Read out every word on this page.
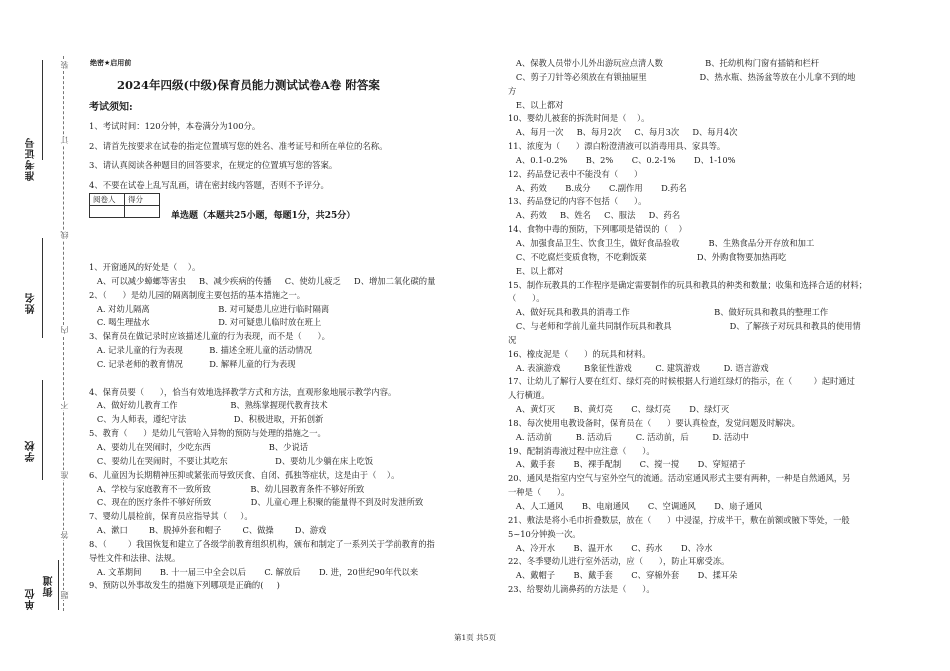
准考证号
姓名
学校
单位
街道
装
订
线
内
不
准
答
题
绝密★启用前
2024年四级(中级)保育员能力测试试卷A卷 附答案
考试须知:
1、考试时间：120分钟，本卷满分为100分。
2、请首先按要求在试卷的指定位置填写您的姓名、准考证号和所在单位的名称。
3、请认真阅读各种题目的回答要求，在规定的位置填写您的答案。
4、不要在试卷上乱写乱画，请在密封线内答题，否则不予评分。
阅卷人	得分

单选题（本题共25小题，每题1分，共25分）
1、开窗通风的好处是（    ）。
A、可以减少蟑螂等害虫     B、减少疾病的传播     C、使幼儿疲乏     D、增加二氧化碳的量
2、（      ）是幼儿园的隔离制度主要包括的基本措施之一。
A. 对幼儿隔离                          B. 对可疑患儿应进行临时隔离
C. 喝生理盐水                          D. 对可疑患儿临时放在班上
3、保育员在做记录时应该描述儿童的行为表现，而不是（      ）。
A. 记录儿童的行为表现          B. 描述全班儿童的活动情况
C. 记录老师的教育情况          D. 解释儿童的行为表现
4、保育员要（      ），恰当有效地选择教学方式和方法，直观形象地展示教学内容。
A、做好幼儿教育工作                    B、熟练掌握现代教育技术
C、为人师表，遵纪守法                  D、积极进取，开拓创新
5、教育（      ）是幼儿气管哈入异物的预防与处理的措施之一。
A、要幼儿在哭闹时，少吃东西                      B、少说话
C、要幼儿在哭闹时，不要让其吃东                  D、要幼儿少躺在床上吃饭
6、儿童因为长期精神压抑或紧张而导致厌食、自闭、孤独等症状，这是由于（    ）。
A、学校与家庭教育不一致所致               B、幼儿园教育条件不够好所致
C、现在的医疗条件不够好所致               D、儿童心理上积聚的能量得不到及时发泄所致
7、婴幼儿晨检前，保育员应指导其（     ）。
A、漱口        B、脱掉外套和帽子        C、做操        D、游戏
8、（        ）我国恢复和建立了各级学前教育组织机构，颁布和制定了一系列关于学前教育的指
导性文件和法律、法规。
A. 文革期间       B. 十一届三中全会以后       C. 解放后       D. 进，20世纪90年代以来
9、预防以外事故发生的措施下列哪项是正确的(     )
A、保教人员带小儿外出游玩应点清人数                B、托幼机构门窗有插销和栏杆
C、剪子刀针等必须放在有锁抽屉里                    D、热水瓶、热汤盆等放在小儿拿不到的地
方
E、以上都对
10、婴幼儿被套的拆洗时间是（    ）。
A、每月一次     B、每月2次     C、每月3次     D、每月4次
11、浓度为（      ）漂白粉澄清液可以消毒用具、家具等。
A、0.1-0.2%       B、2%       C、0.2-1%       D、1-10%
12、药品登记表中不能没有（      ）
A、药效       B.成分       C.副作用       D.药名
13、药品登记的内容不包括（      ）。
A、药效     B、姓名     C、服法     D、药名
14、食物中毒的预防，下列哪项是错误的（    ）
A、加强食品卫生、饮食卫生，做好食品验收           B、生熟食品分开存放和加工
C、不吃腐烂变质食物，不吃剩饭菜                   D、外购食物要加热再吃
E、以上都对
15、制作玩教具的工作程序是确定需要制作的玩具和教具的种类和数量；收集和选择合适的材料；
（      ）。
A、做好玩具和教具的消毒工作                                B、做好玩具和教具的整理工作
C、与老师和学前儿童共同制作玩具和教具                      D、了解孩子对玩具和教具的使用情
况
16、橡皮泥是（      ）的玩具和材料。
A. 表演游戏         B象征性游戏         C. 建筑游戏         D. 语言游戏
17、让幼儿了解行人要在红灯、绿灯亮的时候根据人行道红绿灯的指示，在（        ）起时通过
人行横道。
A、黄灯灭       B、黄灯亮       C、绿灯亮       D、绿灯灭
18、每次使用电教设备时，保育员在（      ）要认真检查，发觉问题及时解决。
A. 活动前         B. 活动后         C. 活动前，后         D. 活动中
19、配制消毒液过程中应注意（      ）。
A、戴手套       B、裸手配制       C、搅一搅       D、穿短裙子
20、通风是指室内空气与室外空气的流通。活动室通风形式主要有两种，一种是自然通风，另
一种是（      ）。
A、人工通风       B、电扇通风       C、空调通风       D、扇子通风
21、敷法是将小毛巾折叠数层，放在（      ）中浸湿，拧成半干，敷在前额或腋下等处，一般
5~10分钟换一次。
A、冷开水       B、温开水       C、药水       D、冷水
22、冬季婴幼儿进行室外活动，应（      ），防止耳廓受冻。
A、戴帽子       B、戴手套       C、穿棉外套       D、揉耳朵
23、给婴幼儿滴鼻药的方法是（      ）。
第1页 共5页
